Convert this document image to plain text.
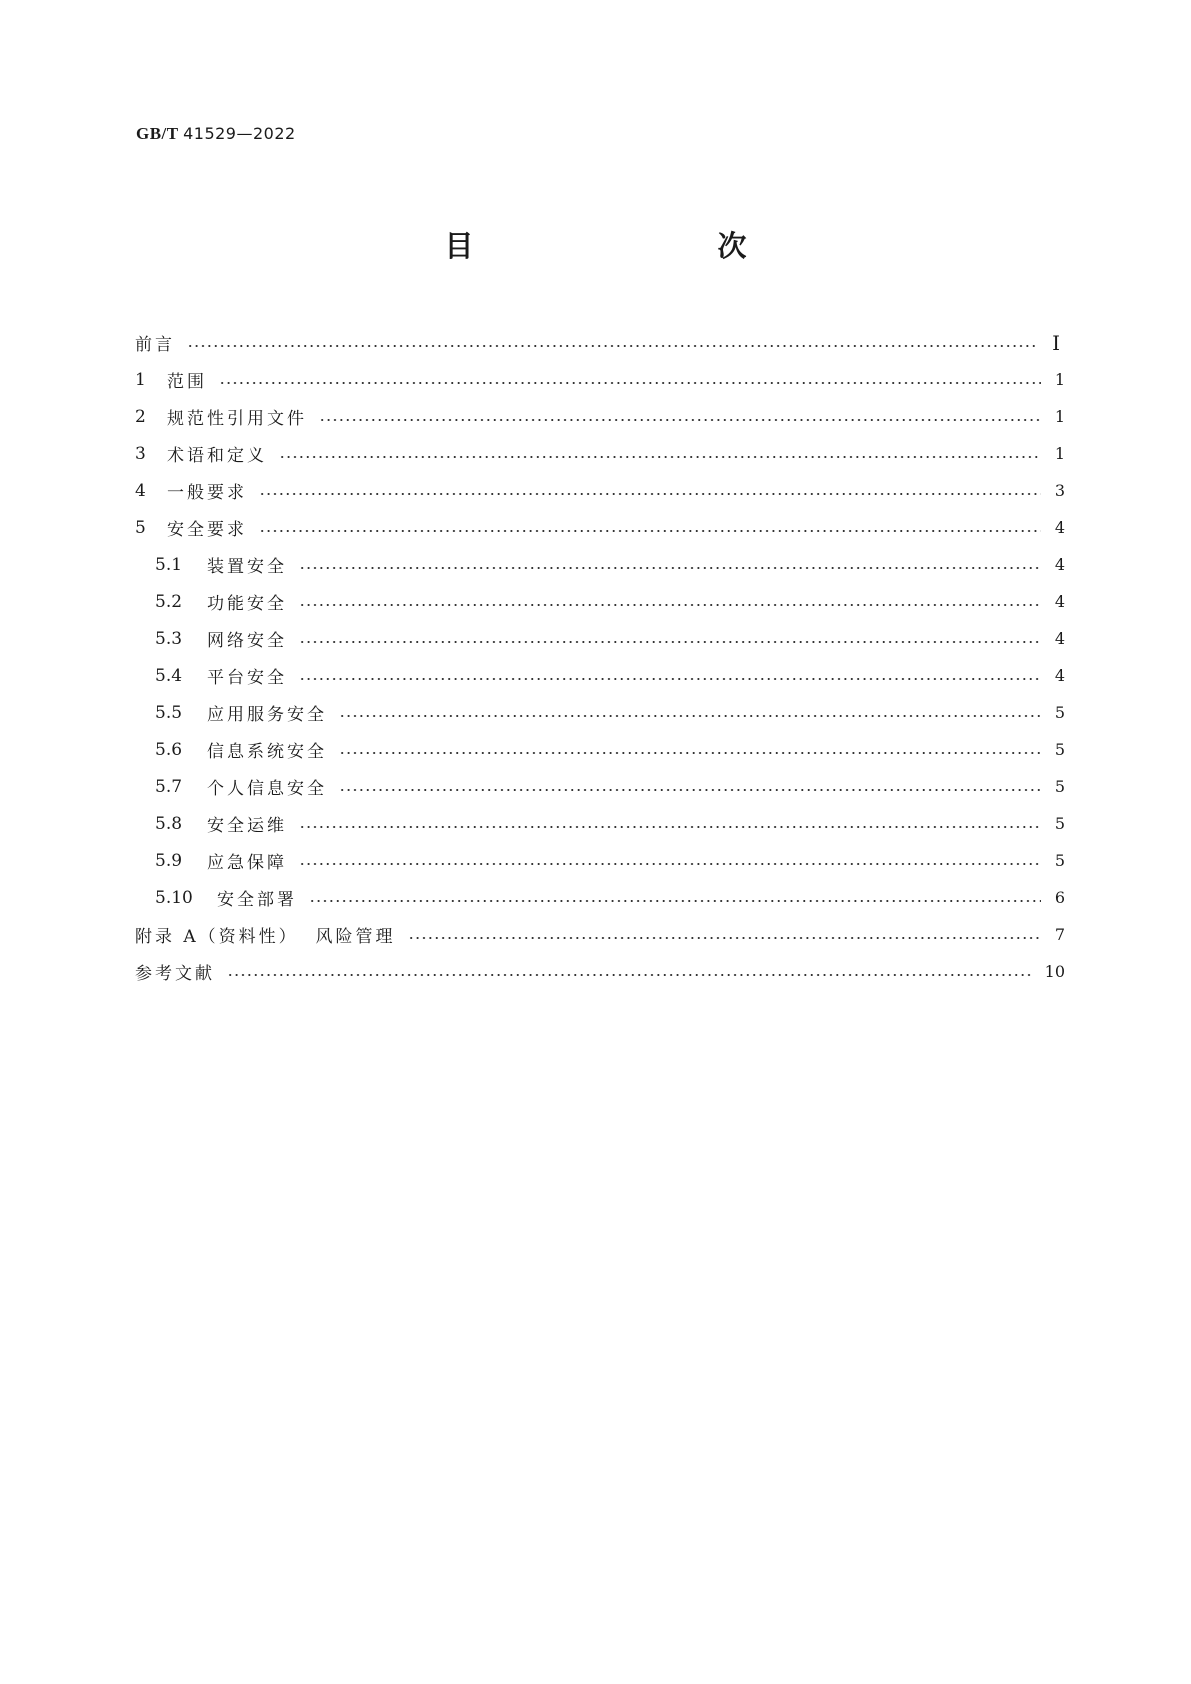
GB/T 41529—2022
目　　次
前言	Ⅰ
1	范围	1
2	规范性引用文件	1
3	术语和定义	1
4	一般要求	3
5	安全要求	4
5.1	装置安全	4
5.2	功能安全	4
5.3	网络安全	4
5.4	平台安全	4
5.5	应用服务安全	5
5.6	信息系统安全	5
5.7	个人信息安全	5
5.8	安全运维	5
5.9	应急保障	5
5.10	安全部署	6
附录 A（资料性）  风险管理	7
参考文献	10
